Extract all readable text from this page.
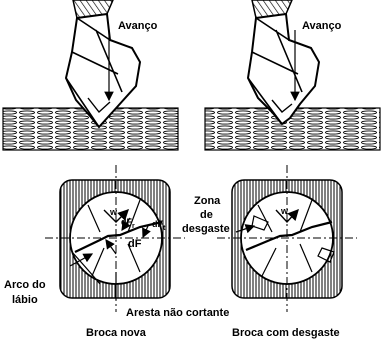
Avanço	Avanço
w
$dF_r$ $dF_t$
dF
Arco do
lábio
Aresta não cortante
Broca nova
w
Zona
de
desgaste
Broca com desgaste
